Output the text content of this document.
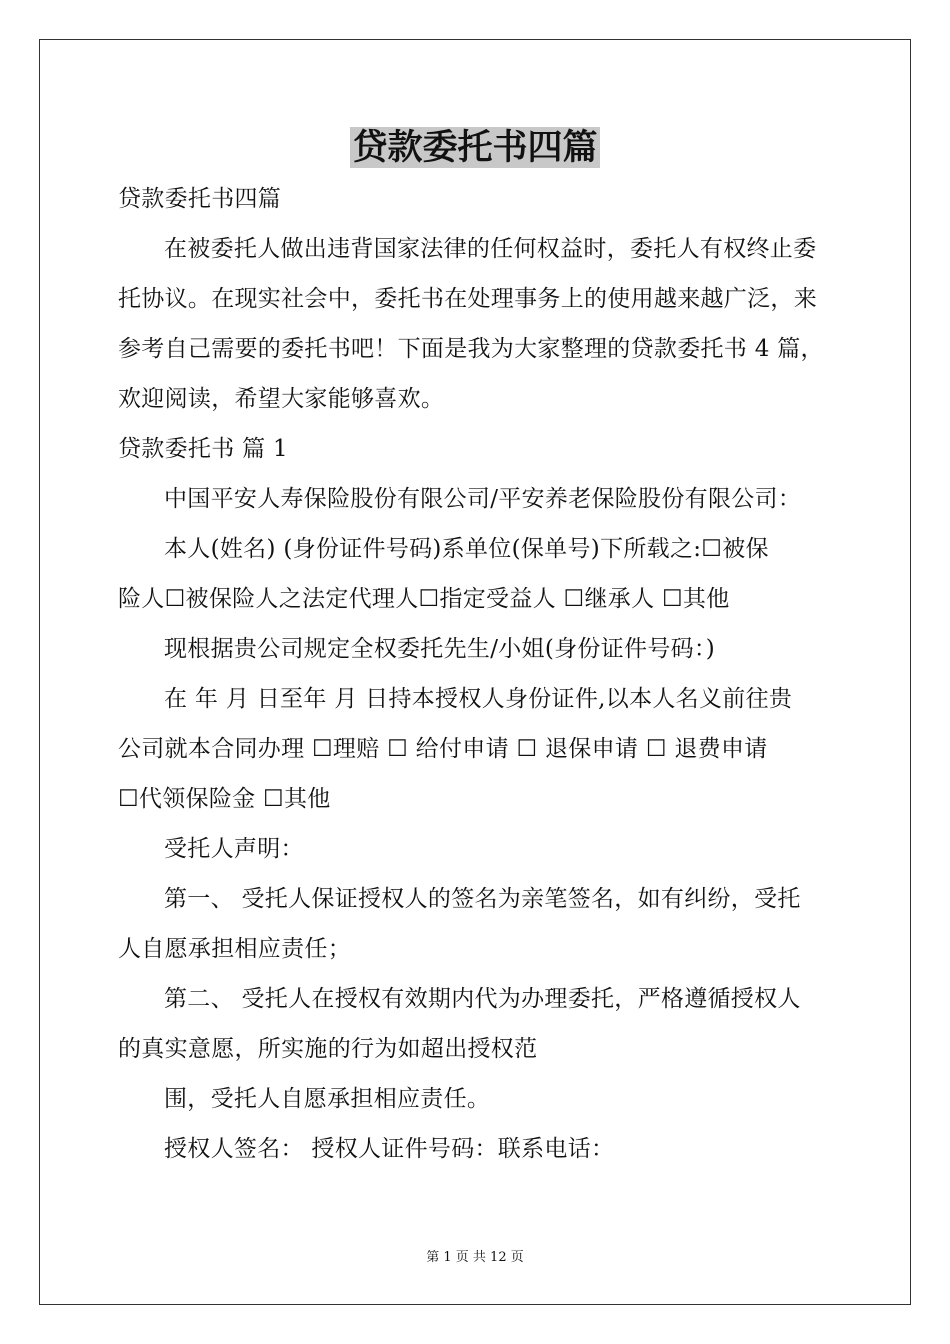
贷款委托书四篇

贷款委托书四篇

在被委托人做出违背国家法律的任何权益时，委托人有权终止委

托协议。在现实社会中，委托书在处理事务上的使用越来越广泛，来

参考自己需要的委托书吧！下面是我为大家整理的贷款委托书 4 篇，

欢迎阅读，希望大家能够喜欢。

贷款委托书 篇 1

中国平安人寿保险股份有限公司/平安养老保险股份有限公司：

本人(姓名) (身份证件号码)系单位(保单号)下所载之:☐被保

险人☐被保险人之法定代理人☐指定受益人 ☐继承人 ☐其他

现根据贵公司规定全权委托先生/小姐(身份证件号码：)

在 年 月 日至年 月 日持本授权人身份证件,以本人名义前往贵

公司就本合同办理 ☐理赔 ☐ 给付申请 ☐ 退保申请 ☐ 退费申请

☐代领保险金 ☐其他

受托人声明：

第一、 受托人保证授权人的签名为亲笔签名，如有纠纷，受托

人自愿承担相应责任；

第二、 受托人在授权有效期内代为办理委托，严格遵循授权人

的真实意愿，所实施的行为如超出授权范

围，受托人自愿承担相应责任。

授权人签名： 授权人证件号码：联系电话：

第 1 页 共 12 页
